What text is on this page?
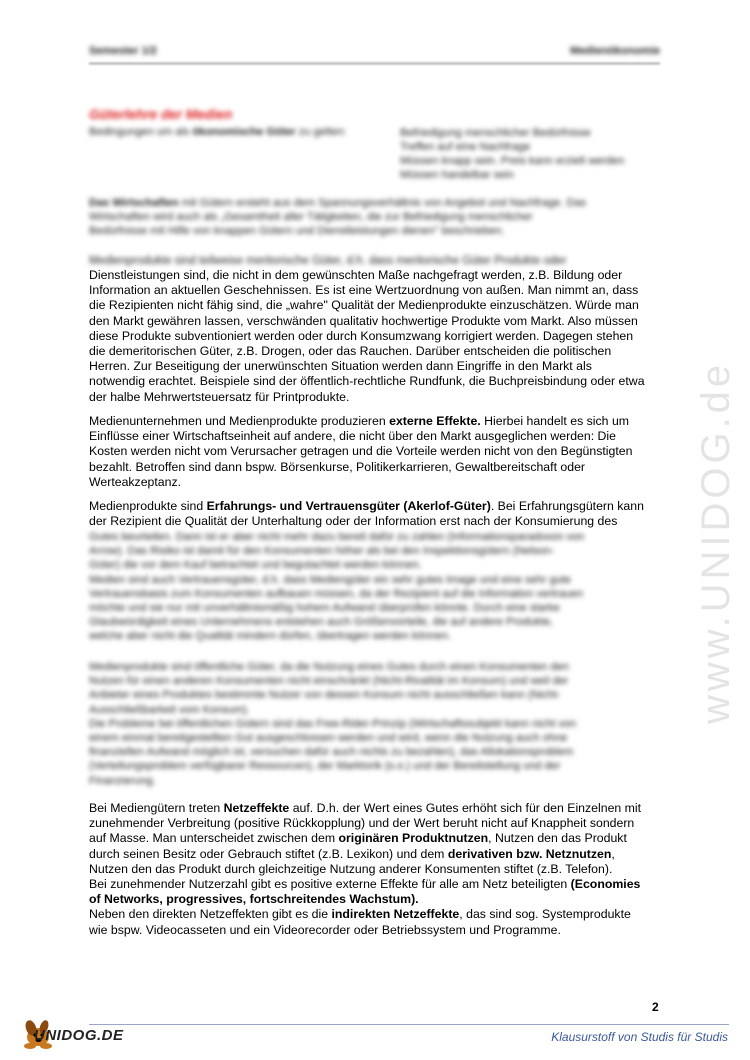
www.UNIDOG.de
Semester 1/2	Medienökonomie
Güterlehre der Medien
Bedingungen um als ökonomische Güter zu gelten:	Befriedigung menschlicher Bedürfnisse
Treffen auf eine Nachfrage
Müssen knapp sein. Preis kann erzielt werden
Müssen handelbar sein
Das Wirtschaften mit Gütern ersteht aus dem Spannungsverhältnis von Angebot und Nachfrage. Das
Wirtschaften wird auch als „Gesamtheit aller Tätigkeiten, die zur Befriedigung menschlicher
Bedürfnisse mit Hilfe von knappen Gütern und Dienstleistungen dienen" beschrieben.
Medienprodukte sind teilweise meritorische Güter, d.h. dass meritorische Güter Produkte oder
Dienstleistungen sind, die nicht in dem gewünschten Maße nachgefragt werden, z.B. Bildung oder
Information an aktuellen Geschehnissen. Es ist eine Wertzuordnung von außen. Man nimmt an, dass
die Rezipienten nicht fähig sind, die „wahre" Qualität der Medienprodukte einzuschätzen. Würde man
den Markt gewähren lassen, verschwänden qualitativ hochwertige Produkte vom Markt. Also müssen
diese Produkte subventioniert werden oder durch Konsumzwang korrigiert werden. Dagegen stehen
die demeritorischen Güter, z.B. Drogen, oder das Rauchen. Darüber entscheiden die politischen
Herren. Zur Beseitigung der unerwünschten Situation werden dann Eingriffe in den Markt als
notwendig erachtet. Beispiele sind der öffentlich-rechtliche Rundfunk, die Buchpreisbindung oder etwa
der halbe Mehrwertsteuersatz für Printprodukte.
Medienunternehmen und Medienprodukte produzieren externe Effekte. Hierbei handelt es sich um
Einflüsse einer Wirtschaftseinheit auf andere, die nicht über den Markt ausgeglichen werden: Die
Kosten werden nicht vom Verursacher getragen und die Vorteile werden nicht von den Begünstigten
bezahlt. Betroffen sind dann bspw. Börsenkurse, Politikerkarrieren, Gewaltbereitschaft oder
Werteakzeptanz.
Medienprodukte sind Erfahrungs- und Vertrauensgüter (Akerlof-Güter). Bei Erfahrungsgütern kann
der Rezipient die Qualität der Unterhaltung oder der Information erst nach der Konsumierung des
Gutes beurteilen. Dann ist er aber nicht mehr dazu bereit dafür zu zahlen (Informationsparadoxon von
Arrow). Das Risiko ist damit für den Konsumenten höher als bei den Inspektionsgütern (Nelson-
Güter) die vor dem Kauf betrachtet und begutachtet werden können.
Medien sind auch Vertrauensgüter, d.h. dass Mediengüter ein sehr gutes Image und eine sehr gute
Vertrauensbasis zum Konsumenten aufbauen müssen, da der Rezipient auf die Information vertrauen
möchte und sie nur mit unverhältnismäßig hohem Aufwand überprüfen könnte. Durch eine starke
Glaubwürdigkeit eines Unternehmens entstehen auch Größenvorteile, die auf andere Produkte,
welche aber nicht die Qualität mindern dürfen, übertragen werden können.
Medienprodukte sind öffentliche Güter, da die Nutzung eines Gutes durch einen Konsumenten den
Nutzen für einen anderen Konsumenten nicht einschränkt (Nicht-Rivalität im Konsum) und weil der
Anbieter eines Produktes bestimmte Nutzer von dessen Konsum nicht ausschließen kann (Nicht-
Ausschließbarkeit vom Konsum).
Die Probleme bei öffentlichen Gütern sind das Free-Rider-Prinzip (Wirtschaftssubjekt kann nicht von
einem einmal bereitgestellten Gut ausgeschlossen werden und wird, wenn die Nutzung auch ohne
finanziellen Aufwand möglich ist, versuchen dafür auch nichts zu bezahlen), das Allokationsproblem
(Verteilungsproblem verfügbarer Ressourcen), der Marktorik (s.o.) und der Bereitstellung und der
Finanzierung.
Bei Mediengütern treten Netzeffekte auf. D.h. der Wert eines Gutes erhöht sich für den Einzelnen mit
zunehmender Verbreitung (positive Rückkopplung) und der Wert beruht nicht auf Knappheit sondern
auf Masse. Man unterscheidet zwischen dem originären Produktnutzen, Nutzen den das Produkt
durch seinen Besitz oder Gebrauch stiftet (z.B. Lexikon) und dem derivativen bzw. Netznutzen,
Nutzen den das Produkt durch gleichzeitige Nutzung anderer Konsumenten stiftet (z.B. Telefon).
Bei zunehmender Nutzerzahl gibt es positive externe Effekte für alle am Netz beteiligten (Economies
of Networks, progressives, fortschreitendes Wachstum).
Neben den direkten Netzeffekten gibt es die indirekten Netzeffekte, das sind sog. Systemprodukte
wie bspw. Videocasseten und ein Videorecorder oder Betriebssystem und Programme.
2
UNIDOG.DE	Klausurstoff von Studis für Studis
